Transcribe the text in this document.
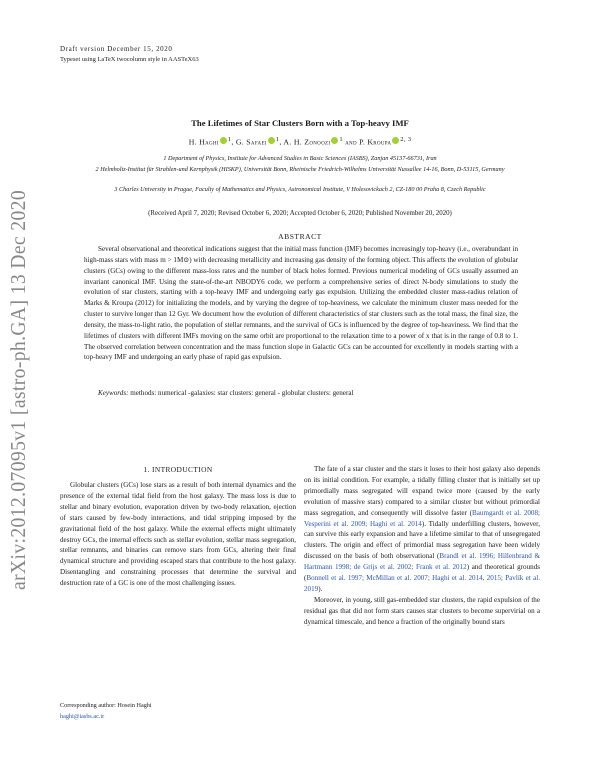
arXiv:2012.07095v1 [astro-ph.GA] 13 Dec 2020
Draft version December 15, 2020
Typeset using LaTeX twocolumn style in AASTeX63
The Lifetimes of Star Clusters Born with a Top-heavy IMF
H. Haghi $^1$, G. Safaei $^1$, A. H. Zonoozi $^1$ and P. Kroupa $^{2, 3}$
1 Department of Physics, Institute for Advanced Studies in Basic Sciences (IASBS), Zanjan 45137-66731, Iran
2 Helmholtz-Institut für Strahlen-und Kernphysik (HISKP), Universität Bonn, Rheinische Friedrich-Wilhelms Universität Nussallee 14-16, Bonn, D-53115, Germany
3 Charles University in Prague, Faculty of Mathematics and Physics, Astronomical Institute, V Holesovickach 2, CZ-180 00 Praha 8, Czech Republic
(Received April 7, 2020; Revised October 6, 2020; Accepted October 6, 2020; Published November 20, 2020)
ABSTRACT

Several observational and theoretical indications suggest that the initial mass function (IMF) becomes increasingly top-heavy (i.e., overabundant in high-mass stars with mass m > 1M⊙) with decreasing metallicity and increasing gas density of the forming object. This affects the evolution of globular clusters (GCs) owing to the different mass-loss rates and the number of black holes formed. Previous numerical modeling of GCs usually assumed an invariant canonical IMF. Using the state-of-the-art NBODY6 code, we perform a comprehensive series of direct N-body simulations to study the evolution of star clusters, starting with a top-heavy IMF and undergoing early gas expulsion. Utilizing the embedded cluster mass-radius relation of Marks & Kroupa (2012) for initializing the models, and by varying the degree of top-heaviness, we calculate the minimum cluster mass needed for the cluster to survive longer than 12 Gyr. We document how the evolution of different characteristics of star clusters such as the total mass, the final size, the density, the mass-to-light ratio, the population of stellar remnants, and the survival of GCs is influenced by the degree of top-heaviness. We find that the lifetimes of clusters with different IMFs moving on the same orbit are proportional to the relaxation time to a power of x that is in the range of 0.8 to 1. The observed correlation between concentration and the mass function slope in Galactic GCs can be accounted for excellently in models starting with a top-heavy IMF and undergoing an early phase of rapid gas expulsion.

Keywords: methods: numerical -galaxies: star clusters: general - globular clusters: general
1. INTRODUCTION

Globular clusters (GCs) lose stars as a result of both internal dynamics and the presence of the external tidal field from the host galaxy. The mass loss is due to stellar and binary evolution, evaporation driven by two-body relaxation, ejection of stars caused by few-body interactions, and tidal stripping imposed by the gravitational field of the host galaxy. While the external effects might ultimately destroy GCs, the internal effects such as stellar evolution, stellar mass segregation, stellar remnants, and binaries can remove stars from GCs, altering their final dynamical structure and providing escaped stars that contribute to the host galaxy. Disentangling and constraining processes that determine the survival and destruction rate of a GC is one of the most challenging issues.

The fate of a star cluster and the stars it loses to their host galaxy also depends on its initial condition. For example, a tidally filling cluster that is initially set up primordially mass segregated will expand twice more (caused by the early evolution of massive stars) compared to a similar cluster but without primordial mass segregation, and consequently will dissolve faster (Baumgardt et al. 2008; Vesperini et al. 2009; Haghi et al. 2014). Tidally underfilling clusters, however, can survive this early expansion and have a lifetime similar to that of unsegregated clusters. The origin and effect of primordial mass segregation have been widely discussed on the basis of both observational (Brandl et al. 1996; Hillenbrand & Hartmann 1998; de Grijs et al. 2002; Frank et al. 2012) and theoretical grounds (Bonnell et al. 1997; McMillan et al. 2007; Haghi et al. 2014, 2015; Pavlík et al. 2019).

Moreover, in young, still gas-embedded star clusters, the rapid expulsion of the residual gas that did not form stars causes star clusters to become supervirial on a dynamical timescale, and hence a fraction of the originally bound stars

Corresponding author: Hosein Haghi
haghi@iasbs.ac.ir
